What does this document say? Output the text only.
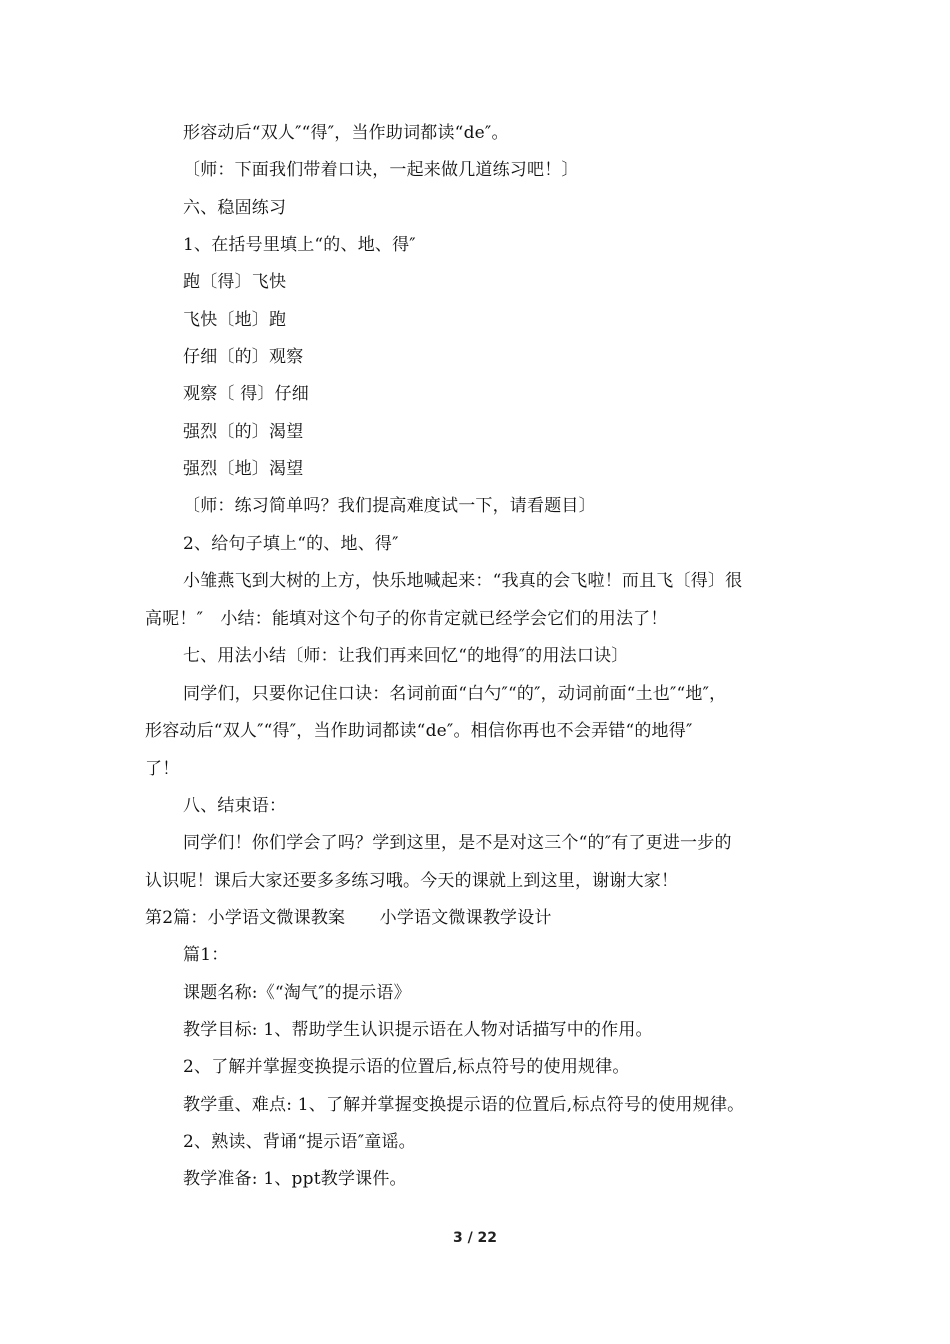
形容动后“双人″“得″，当作助词都读“de″。
〔师：下面我们带着口诀，一起来做几道练习吧！〕
六、稳固练习
1、在括号里填上“的、地、得″
跑〔得〕飞快
飞快〔地〕跑
仔细〔的〕观察
观察〔 得〕仔细
强烈〔的〕渴望
强烈〔地〕渴望
〔师：练习简单吗？我们提高难度试一下，请看题目〕
2、给句子填上“的、地、得″
小雏燕飞到大树的上方，快乐地喊起来：“我真的会飞啦！而且飞〔得〕很
高呢！″　小结：能填对这个句子的你肯定就已经学会它们的用法了！
七、用法小结〔师：让我们再来回忆“的地得″的用法口诀〕
同学们，只要你记住口诀：名词前面“白勺″“的″，动词前面“土也″“地″，
形容动后“双人″“得″，当作助词都读“de″。相信你再也不会弄错“的地得″
了！
八、结束语：
同学们！你们学会了吗？学到这里，是不是对这三个“的″有了更进一步的
认识呢！课后大家还要多多练习哦。今天的课就上到这里，谢谢大家！
第2篇：小学语文微课教案　　小学语文微课教学设计
篇1：
课题名称:《“淘气″的提示语》
教学目标: 1、帮助学生认识提示语在人物对话描写中的作用。
2、了解并掌握变换提示语的位置后,标点符号的使用规律。
教学重、难点: 1、了解并掌握变换提示语的位置后,标点符号的使用规律。
2、熟读、背诵“提示语″童谣。
教学准备: 1、ppt教学课件。
3 / 22
